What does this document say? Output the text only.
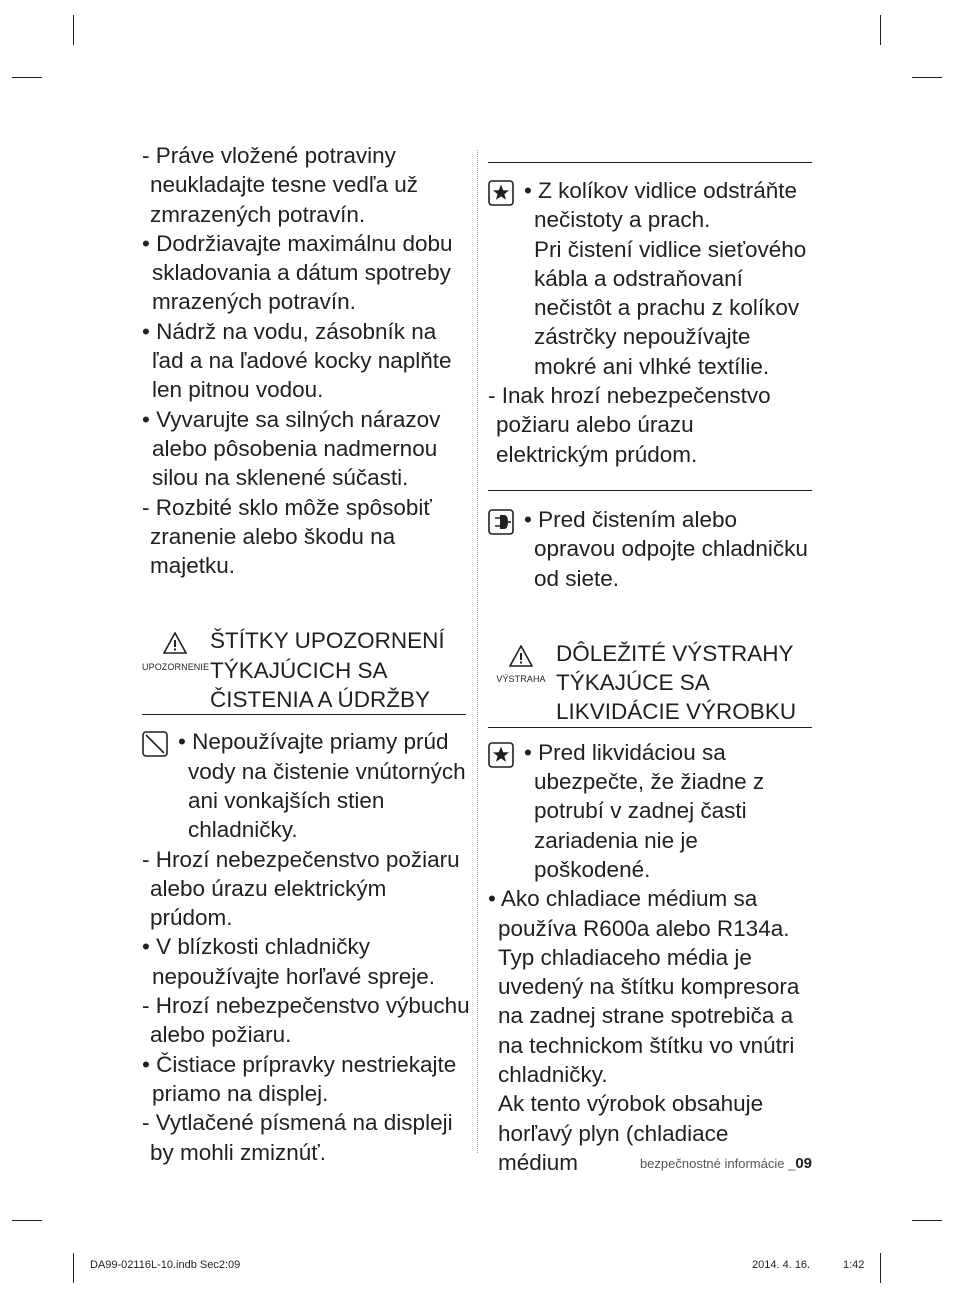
- Práve vložené potraviny neukladajte tesne vedľa už zmrazených potravín.

• Dodržiavajte maximálnu dobu skladovania a dátum spotreby mrazených potravín.

• Nádrž na vodu, zásobník na ľad a na ľadové kocky naplňte len pitnou vodou.

• Vyvarujte sa silných nárazov alebo pôsobenia nadmernou silou na sklenené súčasti.

- Rozbité sklo môže spôsobiť zranenie alebo škodu na majetku.

UPOZORNENIE
ŠTÍTKY UPOZORNENÍ TÝKAJÚCICH SA ČISTENIA A ÚDRŽBY

• Nepoužívajte priamy prúd vody na čistenie vnútorných ani vonkajších stien chladničky.

- Hrozí nebezpečenstvo požiaru alebo úrazu elektrickým prúdom.

• V blízkosti chladničky nepoužívajte horľavé spreje.

- Hrozí nebezpečenstvo výbuchu alebo požiaru.

• Čistiace prípravky nestriekajte priamo na displej.

- Vytlačené písmená na displeji by mohli zmiznúť.

• Z kolíkov vidlice odstráňte nečistoty a prach.

Pri čistení vidlice sieťového kábla a odstraňovaní nečistôt a prachu z kolíkov zástrčky nepoužívajte mokré ani vlhké textílie.

- Inak hrozí nebezpečenstvo požiaru alebo úrazu elektrickým prúdom.

• Pred čistením alebo opravou odpojte chladničku od siete.

VÝSTRAHA
DÔLEŽITÉ VÝSTRAHY TÝKAJÚCE SA LIKVIDÁCIE VÝROBKU

• Pred likvidáciou sa ubezpečte, že žiadne z potrubí v zadnej časti zariadenia nie je poškodené.

• Ako chladiace médium sa používa R600a alebo R134a. Typ chladiaceho média je uvedený na štítku kompresora na zadnej strane spotrebiča a na technickom štítku vo vnútri chladničky.

Ak tento výrobok obsahuje horľavý plyn (chladiace médium	bezpečnostné informácie _09
DA99-02116L-10.indb Sec2:09	2014. 4. 16.	1:42
